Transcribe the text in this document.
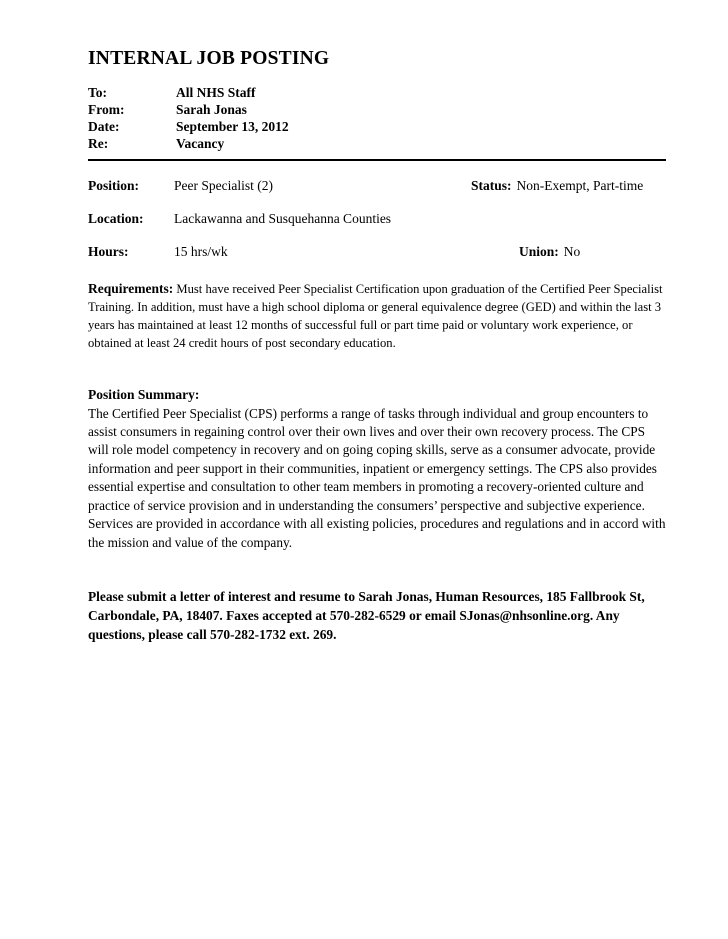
INTERNAL JOB POSTING
To:	All NHS Staff
From:	Sarah Jonas
Date:	September 13, 2012
Re:	Vacancy
Position:	Peer Specialist (2)	Status: Non-Exempt, Part-time
Location:	Lackawanna and Susquehanna Counties
Hours:	15 hrs/wk	Union: No
Requirements: Must have received Peer Specialist Certification upon graduation of the Certified Peer Specialist Training. In addition, must have a high school diploma or general equivalence degree (GED) and within the last 3 years has maintained at least 12 months of successful full or part time paid or voluntary work experience, or obtained at least 24 credit hours of post secondary education.
Position Summary:
The Certified Peer Specialist (CPS) performs a range of tasks through individual and group encounters to assist consumers in regaining control over their own lives and over their own recovery process. The CPS will role model competency in recovery and on going coping skills, serve as a consumer advocate, provide information and peer support in their communities, inpatient or emergency settings. The CPS also provides essential expertise and consultation to other team members in promoting a recovery-oriented culture and practice of service provision and in understanding the consumers’ perspective and subjective experience. Services are provided in accordance with all existing policies, procedures and regulations and in accord with the mission and value of the company.
Please submit a letter of interest and resume to Sarah Jonas, Human Resources, 185 Fallbrook St, Carbondale, PA, 18407. Faxes accepted at 570-282-6529 or email SJonas@nhsonline.org. Any questions, please call 570-282-1732 ext. 269.
